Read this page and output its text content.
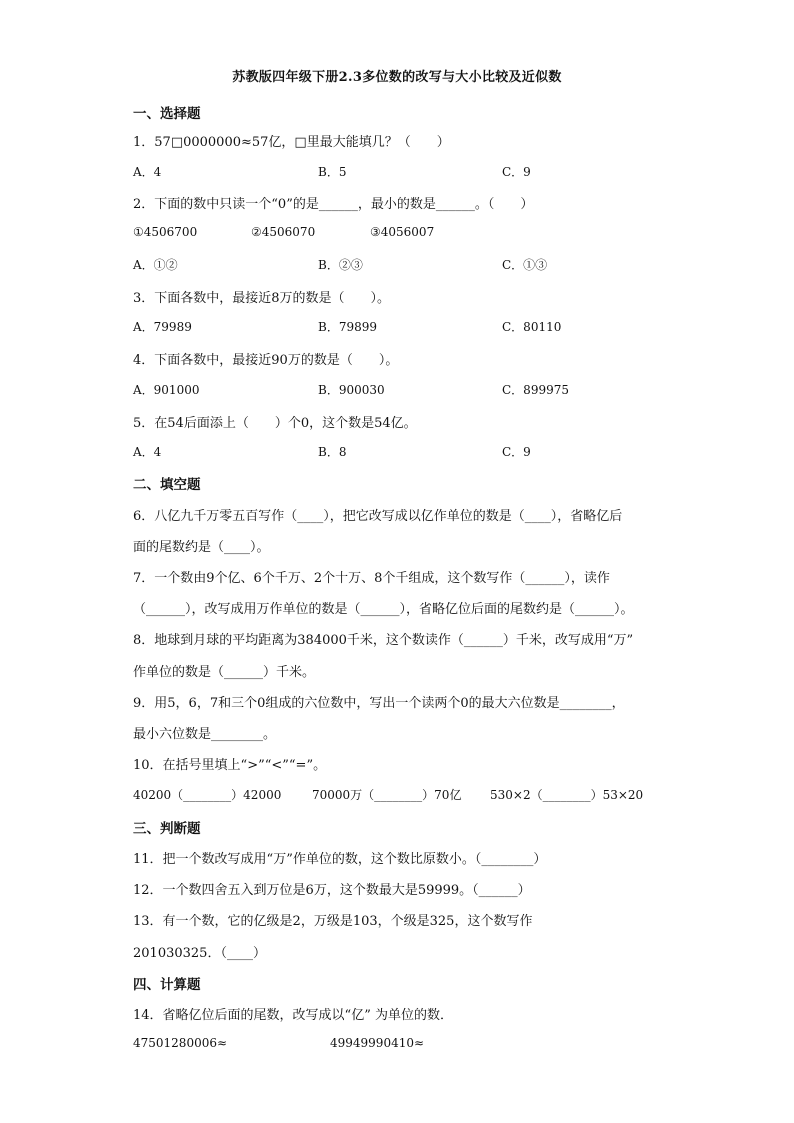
苏教版四年级下册2.3多位数的改写与大小比较及近似数
一、选择题
1．57□0000000≈57亿，□里最大能填几？（　　）
A．4	B．5	C．9
2．下面的数中只读一个“0”的是______，最小的数是______。（　　）
①4506700	②4506070	③4056007
A．①②	B．②③	C．①③
3．下面各数中，最接近8万的数是（　　）。
A．79989	B．79899	C．80110
4．下面各数中，最接近90万的数是（　　）。
A．901000	B．900030	C．899975
5．在54后面添上（　　）个0，这个数是54亿。
A．4	B．8	C．9
二、填空题
6．八亿九千万零五百写作（____），把它改写成以亿作单位的数是（____），省略亿后
面的尾数约是（____）。
7．一个数由9个亿、6个千万、2个十万、8个千组成，这个数写作（______），读作
（______），改写成用万作单位的数是（______），省略亿位后面的尾数约是（______）。
8．地球到月球的平均距离为384000千米，这个数读作（______）千米，改写成用“万”
作单位的数是（______）千米。
9．用5，6，7和三个0组成的六位数中，写出一个读两个0的最大六位数是________，
最小六位数是________。
10．在括号里填上“>”“<”“=”。
40200（________）42000	70000万（________）70亿 530×2（________）53×20
三、判断题
11．把一个数改写成用“万”作单位的数，这个数比原数小。（________）
12．一个数四舍五入到万位是6万，这个数最大是59999。（______）
13．有一个数，它的亿级是2，万级是103，个级是325，这个数写作
201030325．（____）
四、计算题
14．省略亿位后面的尾数，改写成以“亿” 为单位的数．
47501280006≈	49949990410≈
